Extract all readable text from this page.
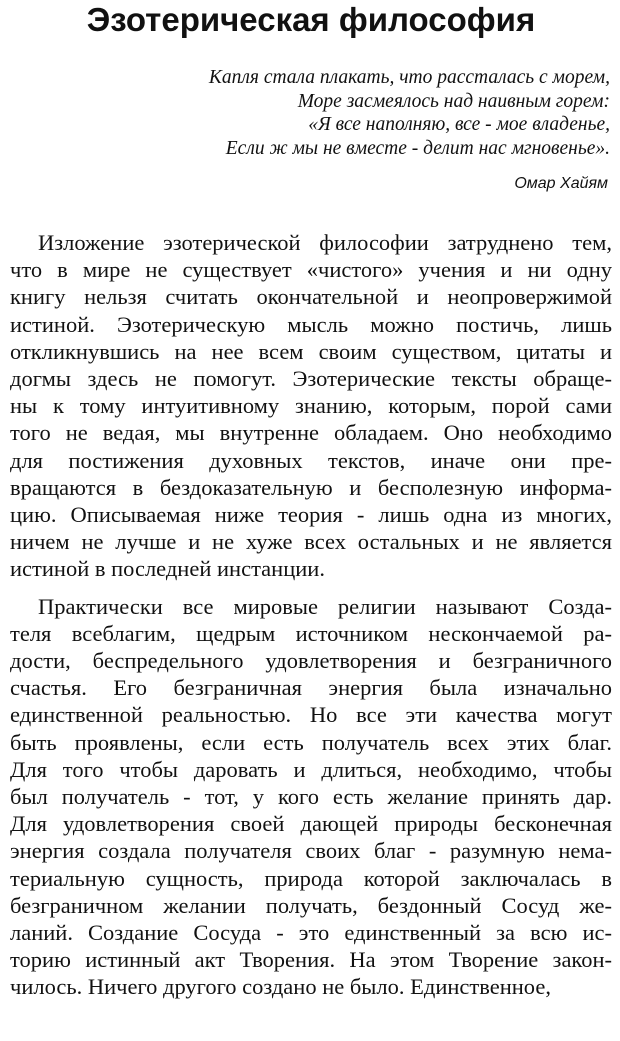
Эзотерическая философия
Капля стала плакать, что рассталась с морем,
Море засмеялось над наивным горем:
«Я все наполняю, все - мое владенье,
Если ж мы не вместе - делит нас мгновенье».
Омар Хайям
Изложение эзотерической философии затруднено тем,
что в мире не существует «чистого» учения и ни одну
книгу нельзя считать окончательной и неопровержимой
истиной. Эзотерическую мысль можно постичь, лишь
откликнувшись на нее всем своим существом, цитаты и
догмы здесь не помогут. Эзотерические тексты обраще-
ны к тому интуитивному знанию, которым, порой сами
того не ведая, мы внутренне обладаем. Оно необходимо
для постижения духовных текстов, иначе они пре-
вращаются в бездоказательную и бесполезную информа-
цию. Описываемая ниже теория - лишь одна из многих,
ничем не лучше и не хуже всех остальных и не является
истиной в последней инстанции.
Практически все мировые религии называют Созда-
теля всеблагим, щедрым источником нескончаемой ра-
дости, беспредельного удовлетворения и безграничного
счастья. Его безграничная энергия была изначально
единственной реальностью. Но все эти качества могут
быть проявлены, если есть получатель всех этих благ.
Для того чтобы даровать и длиться, необходимо, чтобы
был получатель - тот, у кого есть желание принять дар.
Для удовлетворения своей дающей природы бесконечная
энергия создала получателя своих благ - разумную нема-
териальную сущность, природа которой заключалась в
безграничном желании получать, бездонный Сосуд же-
ланий. Создание Сосуда - это единственный за всю ис-
торию истинный акт Творения. На этом Творение закон-
чилось. Ничего другого создано не было. Единственное,
